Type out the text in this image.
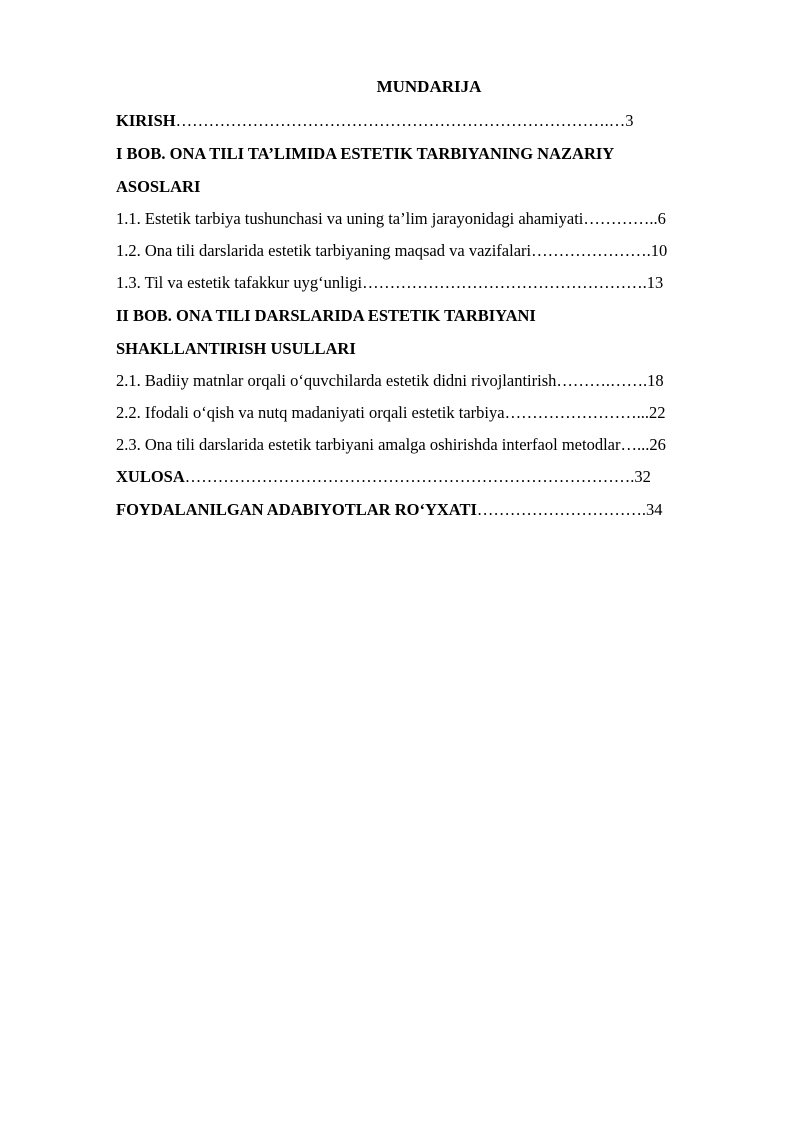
MUNDARIJA

KIRISH…………………………………………………………………….…3

I BOB. ONA TILI TA’LIMIDA ESTETIK TARBIYANING NAZARIY

ASOSLARI

1.1. Estetik tarbiya tushunchasi va uning ta’lim jarayonidagi ahamiyati…………..6

1.2. Ona tili darslarida estetik tarbiyaning maqsad va vazifalari………………….10

1.3. Til va estetik tafakkur uyg‘unligi…………………………………………….13

II BOB. ONA TILI DARSLARIDA ESTETIK TARBIYANI

SHAKLLANTIRISH USULLARI

2.1. Badiiy matnlar orqali o‘quvchilarda estetik didni rivojlantirish……….…….18

2.2. Ifodali o‘qish va nutq madaniyati orqali estetik tarbiya……………………...22

2.3. Ona tili darslarida estetik tarbiyani amalga oshirishda interfaol metodlar…...26

XULOSA……………………………………………………………………….32

FOYDALANILGAN ADABIYOTLAR RO‘YXATI………………………….34
